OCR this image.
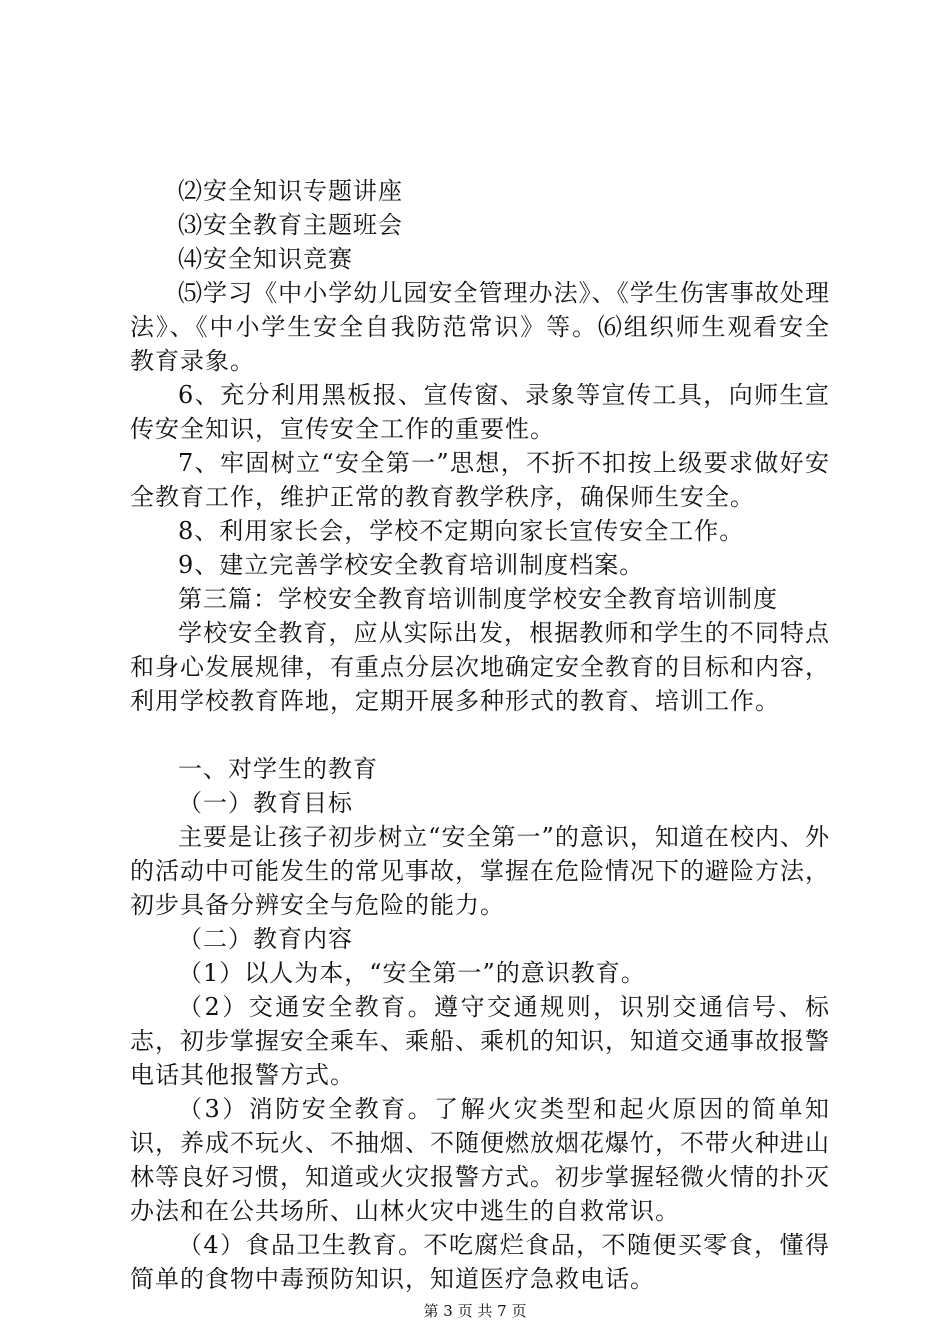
⑵安全知识专题讲座

⑶安全教育主题班会

⑷安全知识竞赛

⑸学习《中小学幼儿园安全管理办法》、《学生伤害事故处理法》、《中小学生安全自我防范常识》等。⑹组织师生观看安全教育录象。

6、充分利用黑板报、宣传窗、录象等宣传工具，向师生宣传安全知识，宣传安全工作的重要性。

7、牢固树立“安全第一”思想，不折不扣按上级要求做好安全教育工作，维护正常的教育教学秩序，确保师生安全。

8、利用家长会，学校不定期向家长宣传安全工作。

9、建立完善学校安全教育培训制度档案。

第三篇：学校安全教育培训制度学校安全教育培训制度

学校安全教育，应从实际出发，根据教师和学生的不同特点和身心发展规律，有重点分层次地确定安全教育的目标和内容，利用学校教育阵地，定期开展多种形式的教育、培训工作。

一、对学生的教育

（一）教育目标

主要是让孩子初步树立“安全第一”的意识，知道在校内、外的活动中可能发生的常见事故，掌握在危险情况下的避险方法，初步具备分辨安全与危险的能力。

（二）教育内容

（1）以人为本，“安全第一”的意识教育。

（2）交通安全教育。遵守交通规则，识别交通信号、标志，初步掌握安全乘车、乘船、乘机的知识，知道交通事故报警电话其他报警方式。

（3）消防安全教育。了解火灾类型和起火原因的简单知识，养成不玩火、不抽烟、不随便燃放烟花爆竹，不带火种进山林等良好习惯，知道或火灾报警方式。初步掌握轻微火情的扑灭办法和在公共场所、山林火灾中逃生的自救常识。

（4）食品卫生教育。不吃腐烂食品，不随便买零食，懂得简单的食物中毒预防知识，知道医疗急救电话。

第 3 页 共 7 页
